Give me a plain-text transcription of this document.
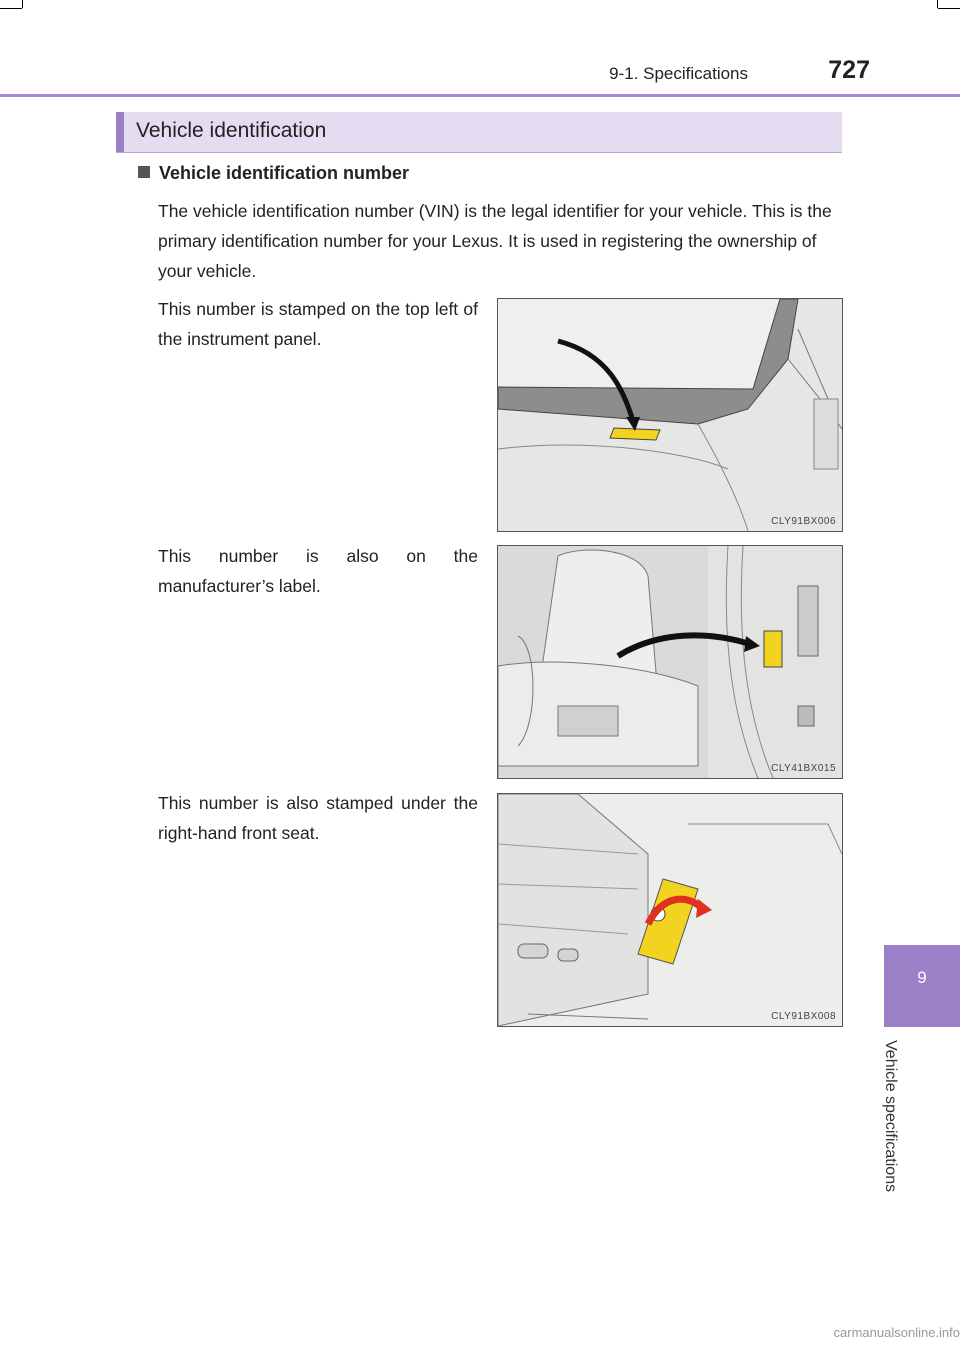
9-1. Specifications	727
9
Vehicle specifications
Vehicle identification
Vehicle identification number
The vehicle identification number (VIN) is the legal identifier for your vehicle. This is the primary identification number for your Lexus. It is used in registering the ownership of your vehicle.
This number is stamped on the top left of the instrument panel.
CLY91BX006
This number is also on the manufacturer’s label.
CLY41BX015
This number is also stamped under the right-hand front seat.
CLY91BX008
carmanualsonline.info
